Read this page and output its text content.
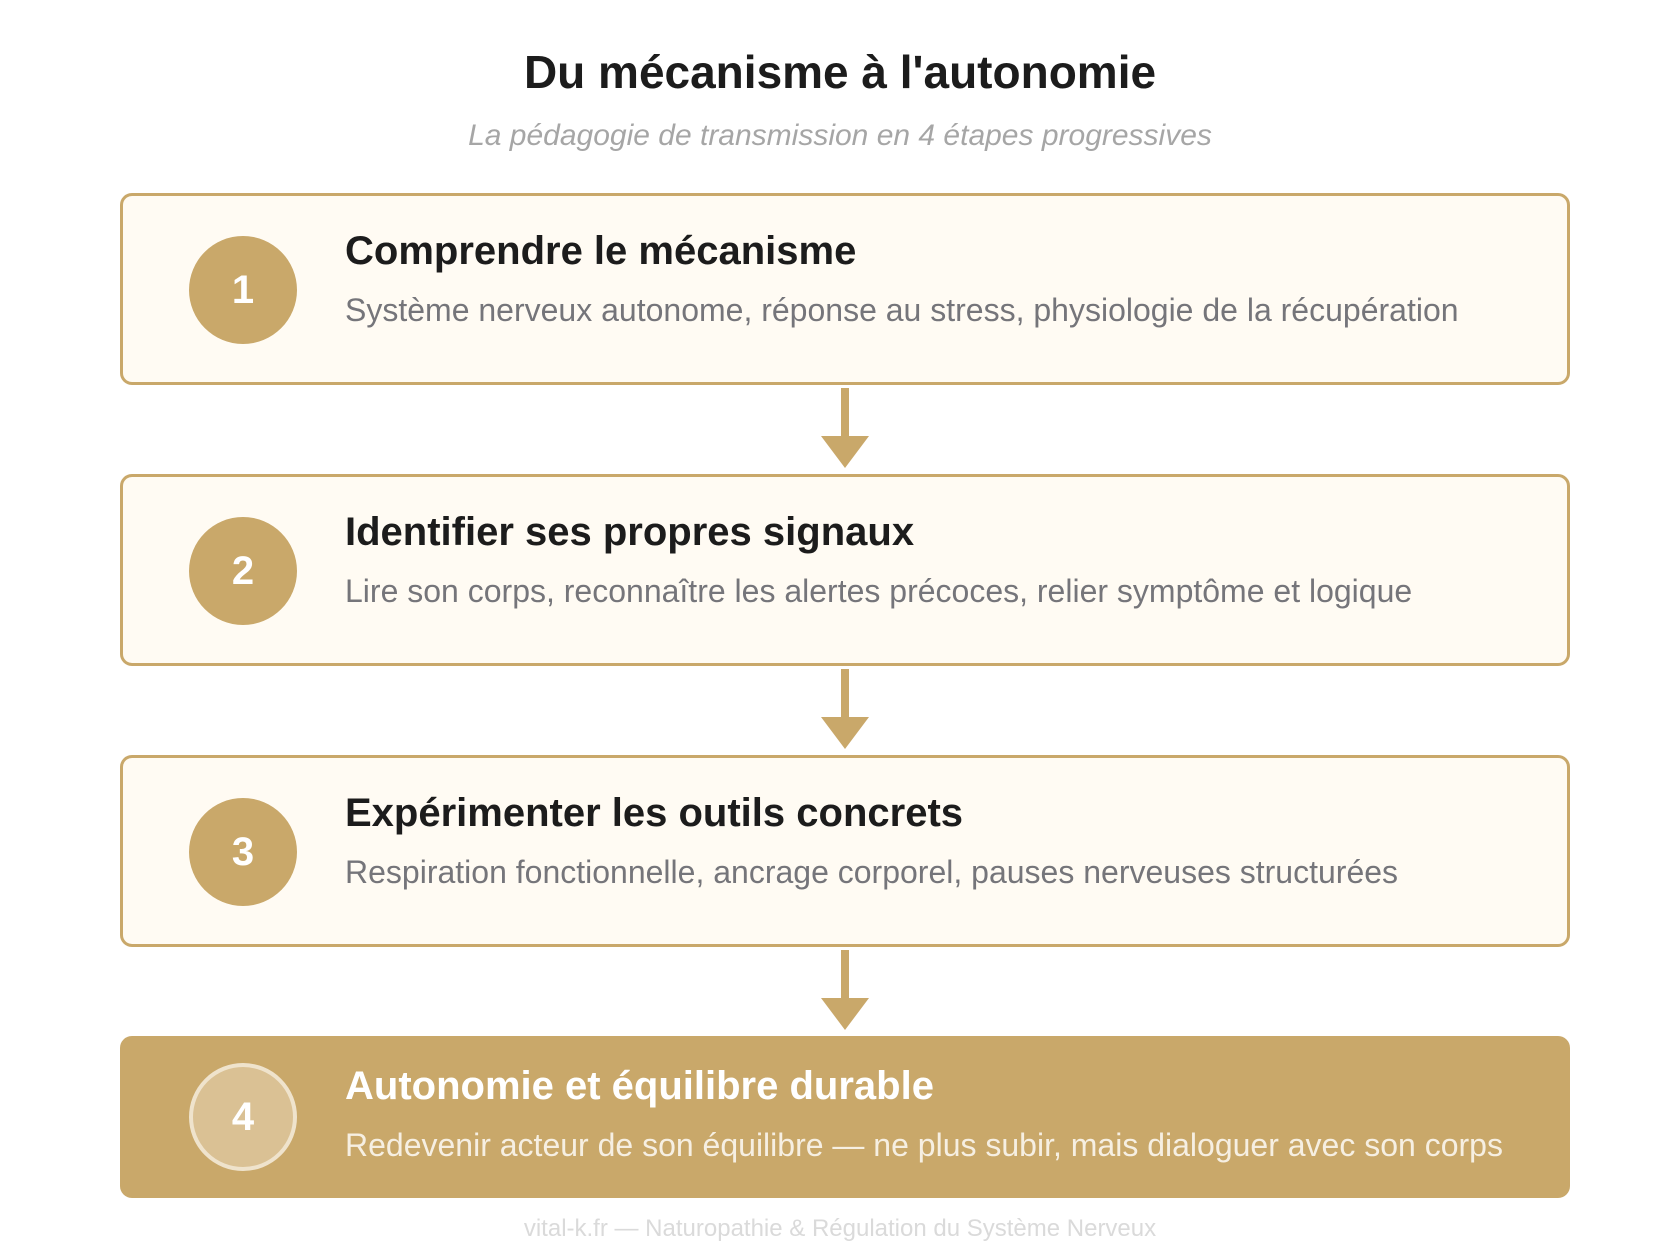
Du mécanisme à l'autonomie
La pédagogie de transmission en 4 étapes progressives
1
Comprendre le mécanisme
Système nerveux autonome, réponse au stress, physiologie de la récupération
2
Identifier ses propres signaux
Lire son corps, reconnaître les alertes précoces, relier symptôme et logique
3
Expérimenter les outils concrets
Respiration fonctionnelle, ancrage corporel, pauses nerveuses structurées
4
Autonomie et équilibre durable
Redevenir acteur de son équilibre — ne plus subir, mais dialoguer avec son corps
vital-k.fr — Naturopathie & Régulation du Système Nerveux
